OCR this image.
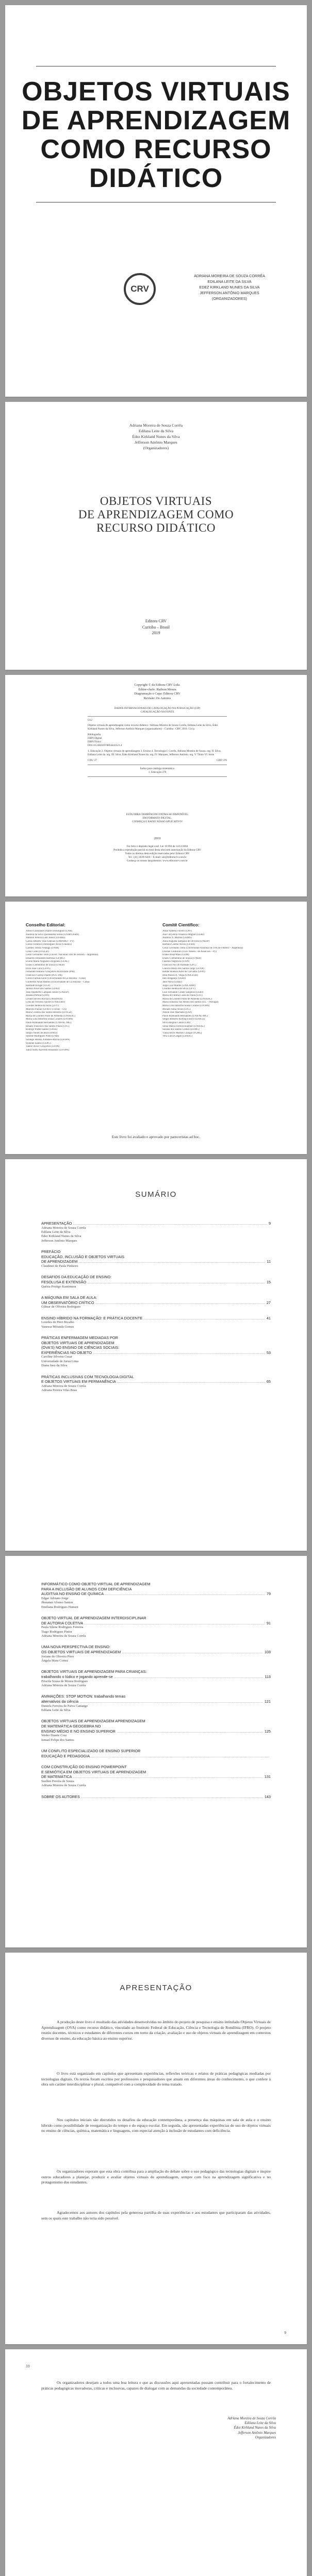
OBJETOS VIRTUAIS
DE APRENDIZAGEM
COMO RECURSO
DIDÁTICO
CRV
ADRIANA MOREIRA DE SOUZA CORRÊA
EDILANA LEITE DA SILVA
EDEZ KIRKLAND NUNES DA SILVA
JEFFERSON ANTÔNIO MARQUES
(ORGANIZADORES)
Adriana Moreira de Souza Corrêa
Edilana Leite da Silva
Édez Kirkland Nunes da Silva
Jefferson Antônio Marques
(Organizadores)
OBJETOS VIRTUAIS
DE APRENDIZAGEM COMO
RECURSO DIDÁTICO
Editora CRV
Curitiba – Brasil
2019
Copyright © da Editora CRV Ltda.
Editor-chefe: Railson Moura
Diagramação e Capa: Editora CRV
Revisão: Os Autores
DADOS INTERNACIONAIS DE CATALOGAÇÃO NA PUBLICAÇÃO (CIP)
CATALOGAÇÃO NA FONTE
O12
Objetos virtuais de aprendizagem como recurso didático / Adriana Moreira de Souza Corrêa, Edilana Leite da Silva, Édez Kirkland Nunes da Silva, Jefferson Antônio Marques (organizadores) – Curitiba : CRV, 2019. 134 p.
Bibliografia
ISBN Digital
ISBN Físico
DOI 10.24824/978854443321.4
1. Educação 2. Objetos virtuais de aprendizagem 3. Ensino 4. Tecnologia I. Corrêa, Adriana Moreira de Souza. org. II. Silva, Edilana Leite da. org. III. Silva, Édez Kirkland Nunes da. org. IV. Marques, Jefferson Antônio. org. V. Título VI. Série
CDU 37	CDD 370
Índice para catálogo sistemático
1. Educação 370
ESTA OBRA TAMBÉM ENCONTRA-SE DISPONÍVEL
EM FORMATO DIGITAL.
CONHEÇA E BAIXE NOSSO APLICATIVO!
2019
Foi feito o depósito legal conf. Lei 10.994 de 14/12/2004
Proibida a reprodução parcial ou total desta obra sem autorização da Editora CRV
Todos os direitos desta edição reservados pela: Editora CRV
Tel.: (41) 3039-6418 – E-mail: sac@editoracrv.com.br
Conheça os nossos lançamentos: www.editoracrv.com.br
Conselho Editorial:
Aldira Guimarães Duarte Domínguez (UNB)
Andréia da Silva Quintanilha Sousa (UNIR/UFRN)
Antônio Pereira Gaio Júnior (UFRRJ)
Carlos Alberto Vilar Estêvão (UMINHO – PT)
Carlos Federico Dominguez Avila (Unieuro)
Carmen Tereza Velanga (UNIR)
Celso Conti (UFSCar)
Cesar Gerónimo Tello (Univer. Nacional Três de Febrero – Argentina)
Eduardo Fernandes Barbosa (UFMG)
Elione Maria Nogueira Diogenes (UFAL)
Elizeu Clementino de Souza (UNEB)
Élsio José Corá (UFFS)
Fernando Antônio Gonçalves Alcoforado (IPB)
Francisco Carlos Duarte (PUC-PR)
Gloria Fariñas León (Universidade de La Havana – Cuba)
Guillermo Arias Beatón (Universidade de La Havana – Cuba)
Helmuth Krüger (UCP)
Jailson Alves dos Santos (UFRJ)
João Adalberto Campato Junior (UNESP)
Josania Portela (UFPI)
Leonel Severo Rocha (UNISINOS)
Lídia de Oliveira Xavier (UNIEURO)
Lourdes Helena da Silva (UFV)
Marcelo Paixão (UFRJ e UTexas – US)
Maria Cristina dos Santos Bezerra (UFSCar)
Maria de Lourdes Pinto de Almeida (UNOESC)
Maria Lília Imbiriba Sousa Colares (UFOPA)
Paulo Romualdo Hernandes (UNIFAL-MG)
Renato Francisco dos Santos Paula (UFG)
Rodrigo Pratte-Santos (UFES)
Sérgio Nunes de Jesus (IFRO)
Simone Rodrigues Pinto (UNB)
Solange Helena Ximenes-Rocha (UFOPA)
Sydione Santos (UEPG)
Tadeu Oliver Gonçalves (UFPA)
Tania Suely Azevedo Brasileiro (UFOPA)
Comitê Científico:
Altair Alberto Fávero (UPF)
Ana Chrystina Venancio Mignot (UERJ)
Andréia N. Militão (UEMS)
Anna Augusta Sampaio de Oliveira (UNESP)
Barbara Coelho Neves (UFBA)
Cesar Gerónimo Tello (Universidad Nacional de Três de Febrero – Argentina)
Diosnel Centurion (Univ Americ. de Asunción – Py)
Eliane Rose Maio (UEM)
Elizeu Clementino de Souza (UNEB)
Fauston Negreiros (UFPI)
Francisco Ari de Andrade (UFC)
Gláucia Maria dos Santos Jorge (UFOP)
Helder Buenos Aires de Carvalho (UFPI)
Ilma Passos A. Veiga (UNICEUB)
Inês Bragança (UERJ)
Jane Paiva (UERJ)
Jorge Luís Mialhe (UNICAMP)
Lourdes Helena da Silva (UFV)
Luiz Fernando Conde Sangenis (UERJ)
Maria de Fátima Costa de Paula (UFF)
Maria de Lourdes Pinto de Almeida (UNOESC)
Maria Eduarda Vaz Moniz dos Santos (UL – Portugal)
Maria Lília Imbiriba Sousa Colares (UFOPA)
Míriam Fábia Alves (UFG)
Nilson José Machado (USP)
Paulo Romualdo Hernandes (UNIFAL-MG)
Sérgio Roberto Kieling Franco (UFRGS)
Silvia Regina Canan (URI)
Sonia Maria Ferreira Koehler (UNISAL)
Suzana dos Santos Gomes (UFMG)
Vânia Alves Martins Chaigar (FURG)
Vera Lucia Gaspar (UDESC)
Este livro foi avaliado e aprovado por pareceristas ad hoc.
SUMÁRIO
APRESENTAÇÃO .....	9
Adriana Moreira de Souza Corrêa
Edilana Leite da Silva
Édez Kirkland Nunes da Silva
Jefferson Antônio Marques
PREFÁCIO
EDUCAÇÃO, INCLUSÃO E OBJETOS VIRTUAIS
DE APRENDIZAGEM .....	11
Claudinei de Paula Pinheiro
DESAFIOS DA EDUCAÇÃO DE ENSINO:
FESOLUSA E EXTENSÃO .....	15
Quésia Postigo Kamimura
A MÁQUINA EM SALA DE AULA:
UM OBSERVATÓRIO CRÍTICO .....	27
Gilmar de Oliveira Rodrigues
ENSINO HÍBRIDO NA FORMAÇÃO: E PRÁTICA DOCENTE .....	41
Lourdes de Pieri Bicalho
Vanessa Miranda Gomes
PRÁTICAS ENFERMAGEM MEDIADAS POR
OBJETOS VIRTUAIS DE APRENDIZAGEM
(OVA'S) NO ENSINO DE CIÊNCIAS SOCIAIS:
EXPERIÊNCIAS NO OBJETO .....	53
Caroline Silveira Cezar
Universidade de Juruá Lima
Diana Inez da Silva
PRÁTICAS INCLUSIVAS COM TECNOLOGIA DIGITAL
E OBJETOS VIRTUAIS EM PERMANÊNCIA .....	65
Adriana Moreira de Souza Corrêa
Adriana Pereira Vilas Boas
INFORMÁTICO COMO OBJETO VIRTUAL DE APRENDIZAGEM
PARA A INCLUSÃO DE ALUNOS COM DEFICIÊNCIA
AUDITIVA NO ENSINO DE QUÍMICA .....	79
Edgar Adriano Jorge
Jhonatan Afonso Santos
Emiliana Rodrigues Hansen
OBJETO VIRTUAL DE APRENDIZAGEM INTERDISCIPLINAR
DE AUTORIA COLETIVA .....	91
Paula Silene Rodrigues Ferreira
Tiago Rodrigues Pintor
Adriana Moreira de Souza Corrêa
UMA NOVA PERSPECTIVA DE ENSINO:
OS OBJETOS VIRTUAIS DE APRENDIZAGEM .....	103
Josiane de Oliveira Pires
Ângela Mara Cortez
OBJETOS VIRTUAIS DE APRENDIZAGEM PARA CRIANÇAS:
trabalhando o lúdico e jogando aprende-se .....	113
Priscila Sousa de Moura Rodrigues
Adriana Moreira de Souza Corrêa
ANIMAÇÕES: STOP MOTION: trabalhando temas
alternativos da ciência .....	121
Daniela Ferreira de Paiva Camargo
Edilana Leite da Silva
OBJETOS VIRTUAIS DE APRENDIZAGEM APRENDIZAGEM
DE MATEMÁTICA GEOGEBRA NO
ENSINO MÉDIO E NO ENSINO SUPERIOR .....	125
Weder Duarte Cruz
Ismael Felipe dos Santos
UM CONFLITO ESPECIALIZADO DE ENSINO SUPERIOR
EDUCAÇÃO E PEDAGOGIA .....
COM CONSTRUÇÃO DO ENSINO POWERPOINT
E SEMIÓTICA EM OBJETOS VIRTUAIS DE APRENDIZAGEM
DE MATEMÁTICA .....	131
Suellen Pereira de Souza
Adriana Moreira de Souza Corrêa
SOBRE OS AUTORES .....	143
APRESENTAÇÃO
A produção deste livro é resultado das atividades desenvolvidas no âmbito do projeto de pesquisa e ensino intitulado Objetos Virtuais de Aprendizagem (OVA) como recurso didático, vinculado ao Instituto Federal de Educação, Ciência e Tecnologia de Rondônia (IFRO). O projeto reuniu docentes, técnicos e estudantes de diferentes cursos em torno da criação, avaliação e uso de objetos virtuais de aprendizagem em contextos diversos de ensino, da educação básica ao ensino superior.
O livro está organizado em capítulos que apresentam experiências, reflexões teóricas e relatos de práticas pedagógicas mediadas por tecnologias digitais. Os textos foram escritos por professores e pesquisadores que atuam em diferentes áreas do conhecimento, o que confere à obra um caráter interdisciplinar e plural, compatível com a complexidade do tema tratado.
Nos capítulos iniciais são discutidos os desafios da educação contemporânea, a presença das máquinas em sala de aula e o ensino híbrido como possibilidade de reorganização do tempo e do espaço escolar. Em seguida, são apresentadas experiências de uso de objetos virtuais no ensino de ciências, química, matemática e linguagens, com especial atenção à inclusão de estudantes com deficiência.
Os organizadores esperam que esta obra contribua para a ampliação do debate sobre o uso pedagógico das tecnologias digitais e inspire outros educadores a planejar, produzir e avaliar objetos virtuais de aprendizagem, sempre com foco na aprendizagem significativa e no protagonismo dos estudantes.
Agradecemos aos autores dos capítulos pela generosa partilha de suas experiências e aos estudantes que participaram das atividades, sem os quais este trabalho não teria sido possível.
9
10
Os organizadores desejam a todos uma boa leitura e que as discussões aqui apresentadas possam contribuir para o fortalecimento de práticas pedagógicas inovadoras, críticas e inclusivas, capazes de dialogar com as demandas da sociedade contemporânea.
Adriana Moreira de Souza Corrêa
Edilana Leite da Silva
Édez Kirkland Nunes da Silva
Jefferson Antônio Marques
Organizadores
